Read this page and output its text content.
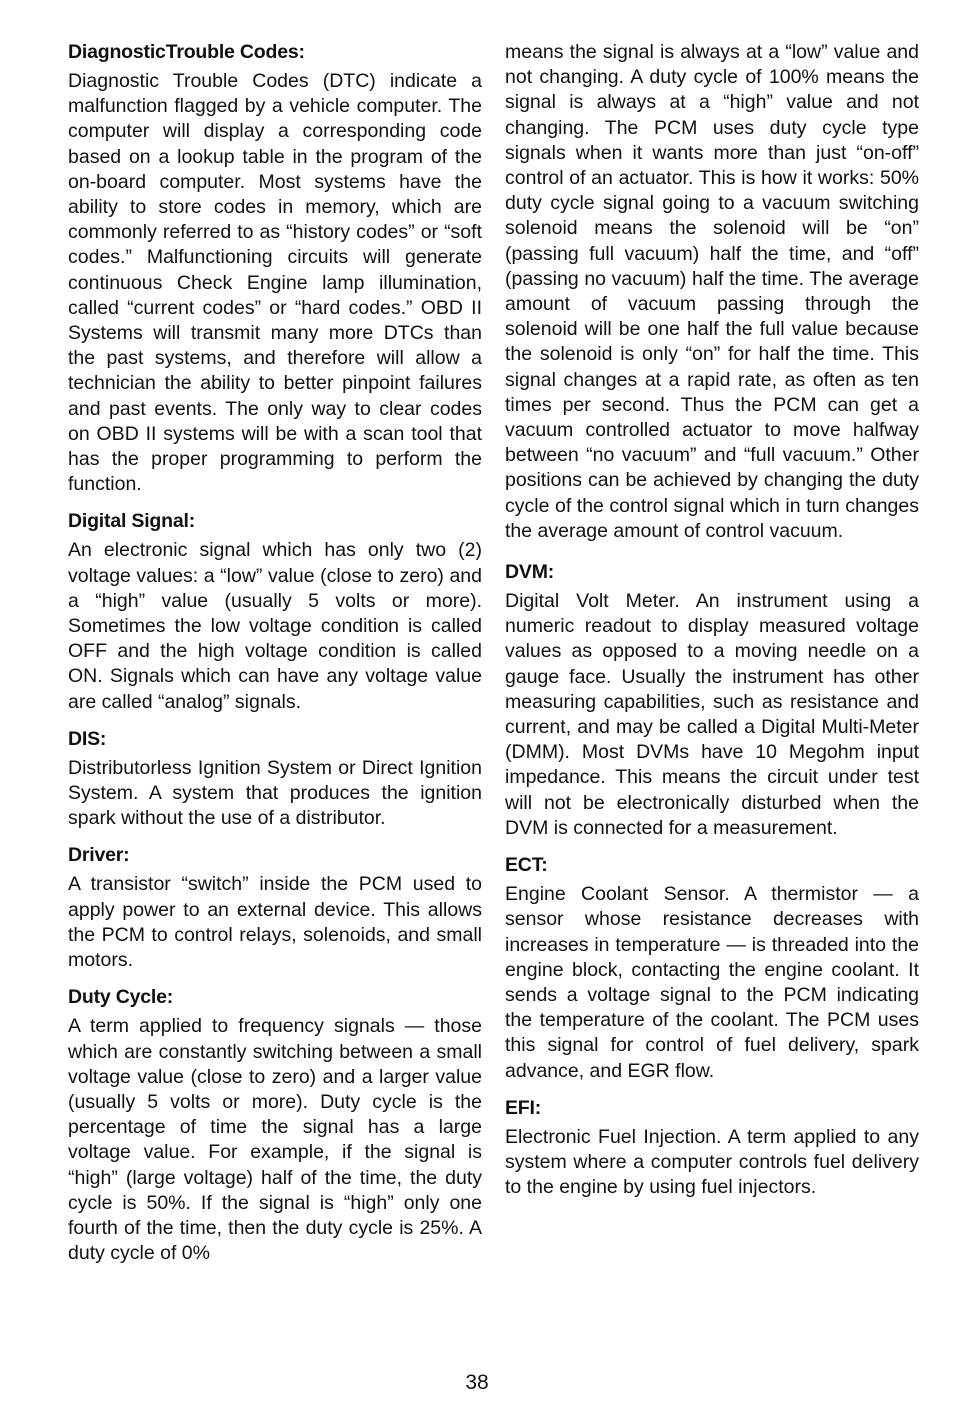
DiagnosticTrouble Codes:

Diagnostic Trouble Codes (DTC) indicate a malfunction flagged by a vehicle computer. The computer will display a corresponding code based on a lookup table in the program of the on-board computer. Most systems have the ability to store codes in memory, which are commonly referred to as “history codes” or “soft codes.” Malfunctioning circuits will generate continuous Check Engine lamp illumination, called “current codes” or “hard codes.” OBD II Systems will transmit many more DTCs than the past systems, and therefore will allow a technician the ability to better pinpoint failures and past events. The only way to clear codes on OBD II systems will be with a scan tool that has the proper programming to perform the function.

Digital Signal:

An electronic signal which has only two (2) voltage values: a “low” value (close to zero) and a “high” value (usually 5 volts or more). Sometimes the low voltage condition is called OFF and the high voltage condition is called ON. Signals which can have any voltage value are called “analog” signals.

DIS:

Distributorless Ignition System or Direct Ignition System. A system that produces the ignition spark without the use of a distributor.

Driver:

A transistor “switch” inside the PCM used to apply power to an external device. This allows the PCM to control relays, solenoids, and small motors.

Duty Cycle:

A term applied to frequency signals — those which are constantly switching between a small voltage value (close to zero) and a larger value (usually 5 volts or more). Duty cycle is the percentage of time the signal has a large voltage value. For example, if the signal is “high” (large voltage) half of the time, the duty cycle is 50%. If the signal is “high” only one fourth of the time, then the duty cycle is 25%. A duty cycle of 0%

means the signal is always at a “low” value and not changing. A duty cycle of 100% means the signal is always at a “high” value and not changing. The PCM uses duty cycle type signals when it wants more than just “on-off” control of an actuator. This is how it works: 50% duty cycle signal going to a vacuum switching solenoid means the solenoid will be “on” (passing full vacuum) half the time, and “off” (passing no vacuum) half the time. The average amount of vacuum passing through the solenoid will be one half the full value because the solenoid is only “on” for half the time. This signal changes at a rapid rate, as often as ten times per second. Thus the PCM can get a vacuum controlled actuator to move halfway between “no vacuum” and “full vacuum.” Other positions can be achieved by changing the duty cycle of the control signal which in turn changes the average amount of control vacuum.

DVM:

Digital Volt Meter. An instrument using a numeric readout to display measured voltage values as opposed to a moving needle on a gauge face. Usually the instrument has other measuring capabilities, such as resistance and current, and may be called a Digital Multi-Meter (DMM). Most DVMs have 10 Megohm input impedance. This means the circuit under test will not be electronically disturbed when the DVM is connected for a measurement.

ECT:

Engine Coolant Sensor. A thermistor — a sensor whose resistance decreases with increases in temperature — is threaded into the engine block, contacting the engine coolant. It sends a voltage signal to the PCM indicating the temperature of the coolant. The PCM uses this signal for control of fuel delivery, spark advance, and EGR flow.

EFI:

Electronic Fuel Injection. A term applied to any system where a computer controls fuel delivery to the engine by using fuel injectors.

38
